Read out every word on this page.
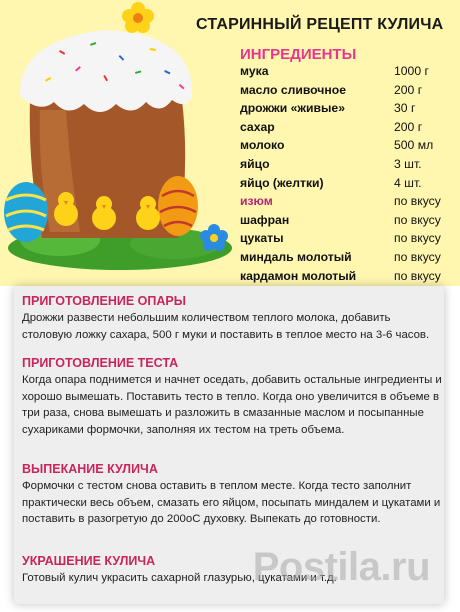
СТАРИННЫЙ РЕЦЕПТ КУЛИЧА
ИНГРЕДИЕНТЫ
мука	1000 г
масло сливочное	200 г
дрожжи «живые»	30 г
сахар	200 г
молоко	500 мл
яйцо	3 шт.
яйцо (желтки)	4 шт.
изюм	по вкусу
шафран	по вкусу
цукаты	по вкусу
миндаль молотый	по вкусу
кардамон молотый	по вкусу

ПРИГОТОВЛЕНИЕ ОПАРЫ

Дрожжи развести небольшим количеством теплого молока, добавить столовую ложку сахара, 500 г муки и поставить в теплое место на 3-6 часов.

ПРИГОТОВЛЕНИЕ ТЕСТА

Когда опара поднимется и начнет оседать, добавить остальные ингредиенты и хорошо вымешать. Поставить тесто в тепло. Когда оно увеличится в объеме в три раза, снова вымешать и разложить в смазанные маслом и посыпанные сухариками формочки, заполняя их тестом на треть объема.

ВЫПЕКАНИЕ КУЛИЧА

Формочки с тестом снова оставить в теплом месте. Когда тесто заполнит практически весь объем, смазать его яйцом, посыпать миндалем и цукатами и поставить в разогретую до 200оС духовку. Выпекать до готовности.

УКРАШЕНИЕ КУЛИЧА

Готовый кулич украсить сахарной глазурью, цукатами и т.д.

Postila.ru
